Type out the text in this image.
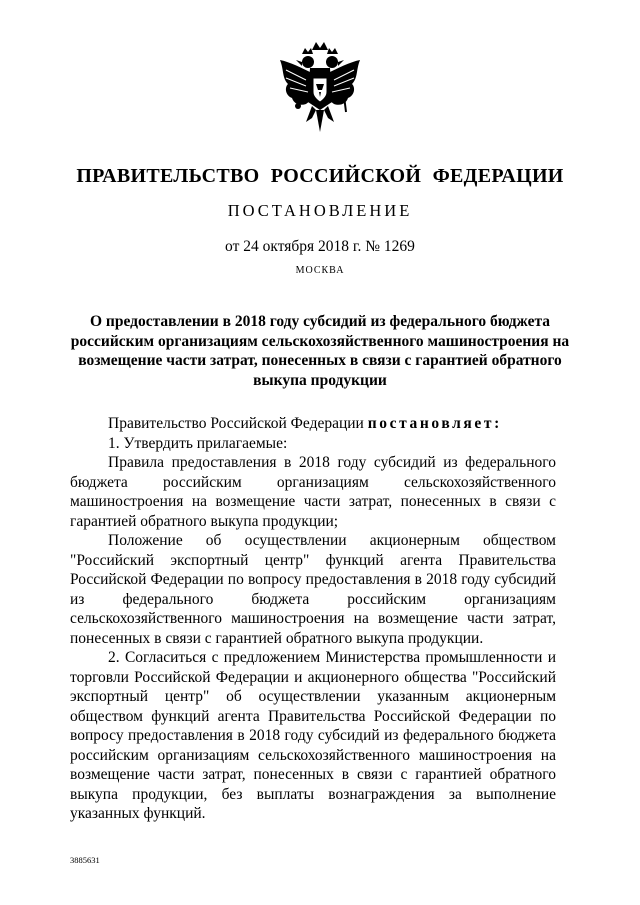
ПРАВИТЕЛЬСТВО РОССИЙСКОЙ ФЕДЕРАЦИИ
ПОСТАНОВЛЕНИЕ
от 24 октября 2018 г. № 1269
МОСКВА
О предоставлении в 2018 году субсидий из федерального бюджета российским организациям сельскохозяйственного машиностроения на возмещение части затрат, понесенных в связи с гарантией обратного выкупа продукции

Правительство Российской Федерации постановляет:

1. Утвердить прилагаемые:

Правила предоставления в 2018 году субсидий из федерального бюджета российским организациям сельскохозяйственного машиностроения на возмещение части затрат, понесенных в связи с гарантией обратного выкупа продукции;

Положение об осуществлении акционерным обществом "Российский экспортный центр" функций агента Правительства Российской Федерации по вопросу предоставления в 2018 году субсидий из федерального бюджета российским организациям сельскохозяйственного машиностроения на возмещение части затрат, понесенных в связи с гарантией обратного выкупа продукции.

2. Согласиться с предложением Министерства промышленности и торговли Российской Федерации и акционерного общества "Российский экспортный центр" об осуществлении указанным акционерным обществом функций агента Правительства Российской Федерации по вопросу предоставления в 2018 году субсидий из федерального бюджета российским организациям сельскохозяйственного машиностроения на возмещение части затрат, понесенных в связи с гарантией обратного выкупа продукции, без выплаты вознаграждения за выполнение указанных функций.

3885631
